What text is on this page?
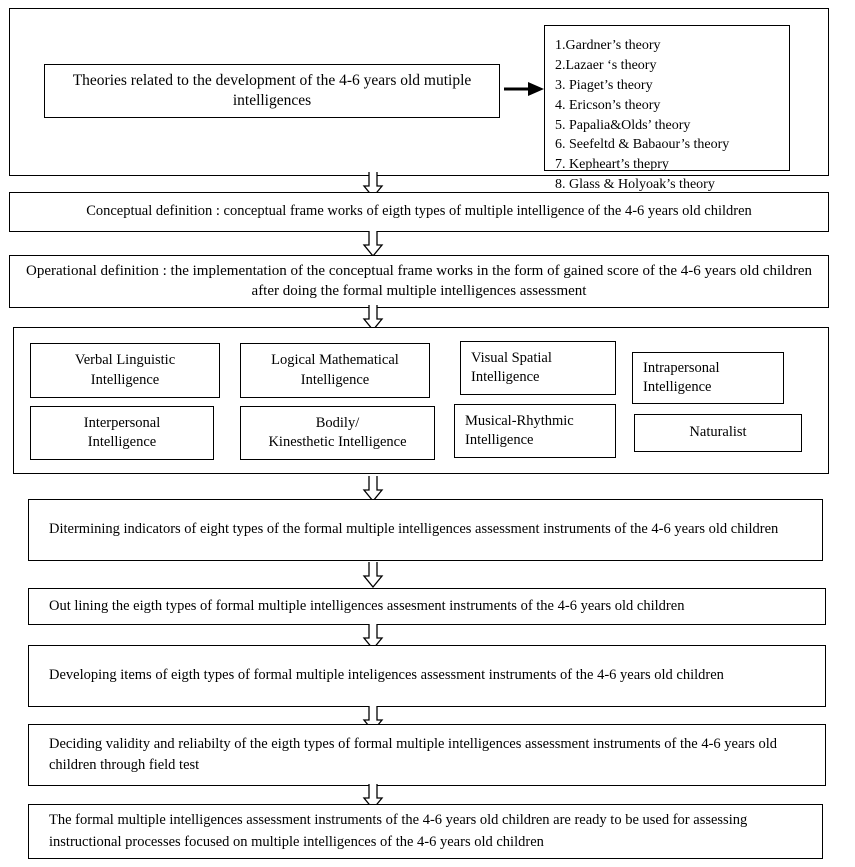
Theories related to the development of the 4-6 years old mutiple intelligences
1.Gardner’s theory
2.Lazaer ‘s theory
3. Piaget’s theory
4. Ericson’s theory
5. Papalia&Olds’ theory
6. Seefeltd & Babaour’s theory
7. Kepheart’s thepry
8. Glass & Holyoak’s theory
Conceptual definition : conceptual frame works of eigth types of multiple intelligence of the 4-6 years old children
Operational definition : the implementation of the conceptual frame works in the form of gained score of the 4-6 years old children after doing the formal multiple intelligences assessment
Verbal Linguistic
Intelligence
Logical Mathematical
Intelligence
Visual Spatial
Intelligence
Intrapersonal
Intelligence
Interpersonal
Intelligence
Bodily/
Kinesthetic Intelligence
Musical-Rhythmic
Intelligence	Naturalist
Ditermining indicators of eight types of the formal multiple intelligences assessment instruments of the 4-6 years old children
Out lining the eigth types of formal multiple intelligences assesment instruments of the 4-6 years old children
Developing items of eigth types of formal multiple inteligences assessment instruments of the 4-6 years old children
Deciding validity and reliabilty of the eigth types of formal multiple intelligences assessment instruments of the 4-6 years old children through field test
The formal multiple intelligences assessment instruments of the 4-6 years old children are ready to be used for assessing instructional processes focused on multiple intelligences of the 4-6 years old children
